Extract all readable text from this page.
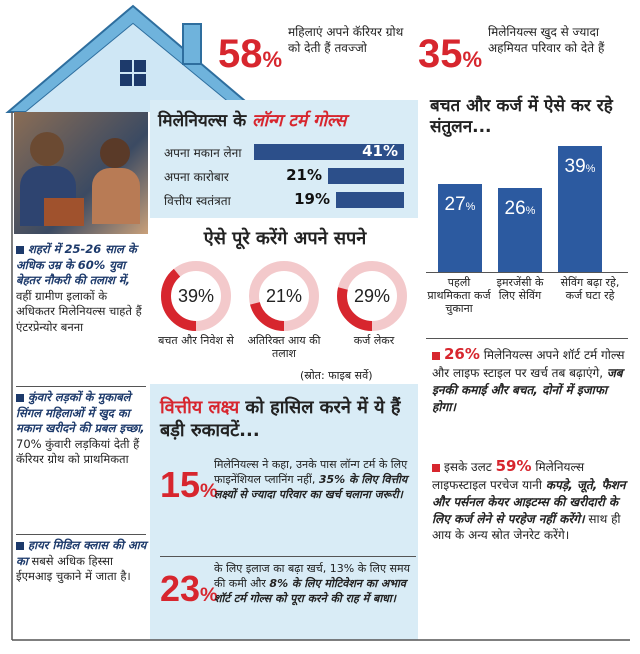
58%
महिलाएं अपने कॅरियर ग्रोथ को देती हैं तवज्जो	35%
मिलेनियल्स खुद से ज्यादा अहमियत परिवार को देते हैं
शहरों में 25-26 साल के अधिक उम्र के 60% युवा बेहतर नौकरी की तलाश में, वहीं ग्रामीण इलाकों के अधिकतर मिलेनियल्स चाहते हैं एंटरप्रेन्योर बनना
कुंवारे लड़कों के मुकाबले सिंगल महिलाओं में खुद का मकान खरीदने की प्रबल इच्छा, 70% कुंवारी लड़कियां देती हैं कॅरियर ग्रोथ को प्राथमिकता
हायर मिडिल क्लास की आय का सबसे अधिक हिस्सा ईएमआइ चुकाने में जाता है।
मिलेनियल्स के लॉन्ग टर्म गोल्स
अपना मकान लेना	41%
अपना कारोबार	21%
वित्तीय स्वतंत्रता	19%
ऐसे पूरे करेंगे अपने सपने
39%	21%	29%
बचत और निवेश से	अतिरिक्त आय की तलाश
कर्ज लेकर
(स्रोत: फाइब सर्वे)
वित्तीय लक्ष्य को हासिल करने में ये हैं बड़ी रुकावटें...
15%
मिलेनियल्स ने कहा, उनके पास लॉन्ग टर्म के लिए फाइनेंशियल प्लानिंग नहीं, 35% के लिए वित्तीय लक्ष्यों से ज्यादा परिवार का खर्च चलाना जरूरी।
23%
के लिए इलाज का बढ़ा खर्च, 13% के लिए समय की कमी और 8% के लिए मोटिवेशन का अभाव शॉर्ट टर्म गोल्स को पूरा करने की राह में बाधा।
बचत और कर्ज में ऐसे कर रहे संतुलन...
27%	26%
39%
पहली प्राथमिकता कर्ज चुकाना
इमरजेंसी के लिए सेविंग
सेविंग बढ़ा रहे, कर्ज घटा रहे
26% मिलेनियल्स अपने शॉर्ट टर्म गोल्स और लाइफ स्टाइल पर खर्च तब बढ़ाएंगे, जब इनकी कमाई और बचत, दोनों में इजाफा होगा।
इसके उलट 59% मिलेनियल्स लाइफस्टाइल परचेज यानी कपड़े, जूते, फैशन और पर्सनल केयर आइटम्स की खरीदारी के लिए कर्ज लेने से परहेज नहीं करेंगे। साथ ही आय के अन्य स्रोत जेनरेट करेंगे।
